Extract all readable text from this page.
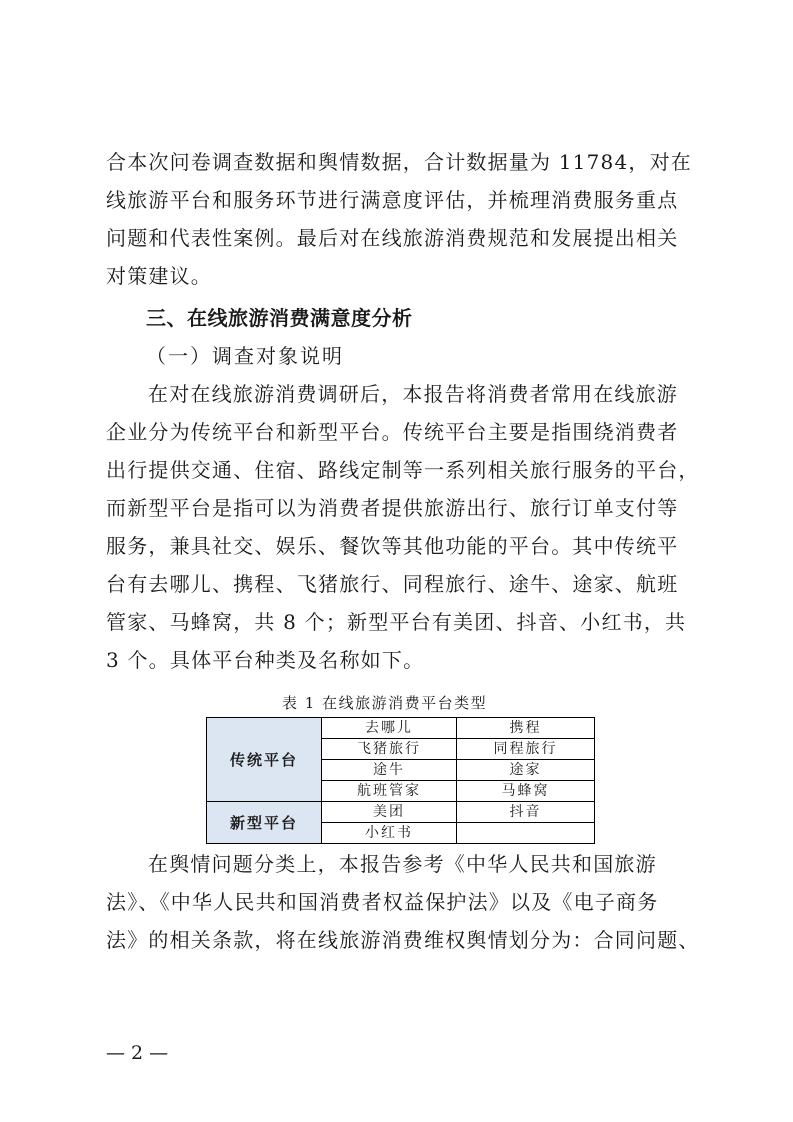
合本次问卷调查数据和舆情数据，合计数据量为 11784，对在
线旅游平台和服务环节进行满意度评估，并梳理消费服务重点
问题和代表性案例。最后对在线旅游消费规范和发展提出相关
对策建议。
三、在线旅游消费满意度分析
（一）调查对象说明
在对在线旅游消费调研后，本报告将消费者常用在线旅游
企业分为传统平台和新型平台。传统平台主要是指围绕消费者
出行提供交通、住宿、路线定制等一系列相关旅行服务的平台，
而新型平台是指可以为消费者提供旅游出行、旅行订单支付等
服务，兼具社交、娱乐、餐饮等其他功能的平台。其中传统平
台有去哪儿、携程、飞猪旅行、同程旅行、途牛、途家、航班
管家、马蜂窝，共 8 个；新型平台有美团、抖音、小红书，共
3 个。具体平台种类及名称如下。
表 1 在线旅游消费平台类型
传统平台	去哪儿	携程
	飞猪旅行	同程旅行
	途牛	途家
	航班管家	马蜂窝
新型平台	美团	抖音
	小红书	
在舆情问题分类上，本报告参考《中华人民共和国旅游
法》、《中华人民共和国消费者权益保护法》以及《电子商务
法》的相关条款，将在线旅游消费维权舆情划分为：合同问题、
— 2 —
